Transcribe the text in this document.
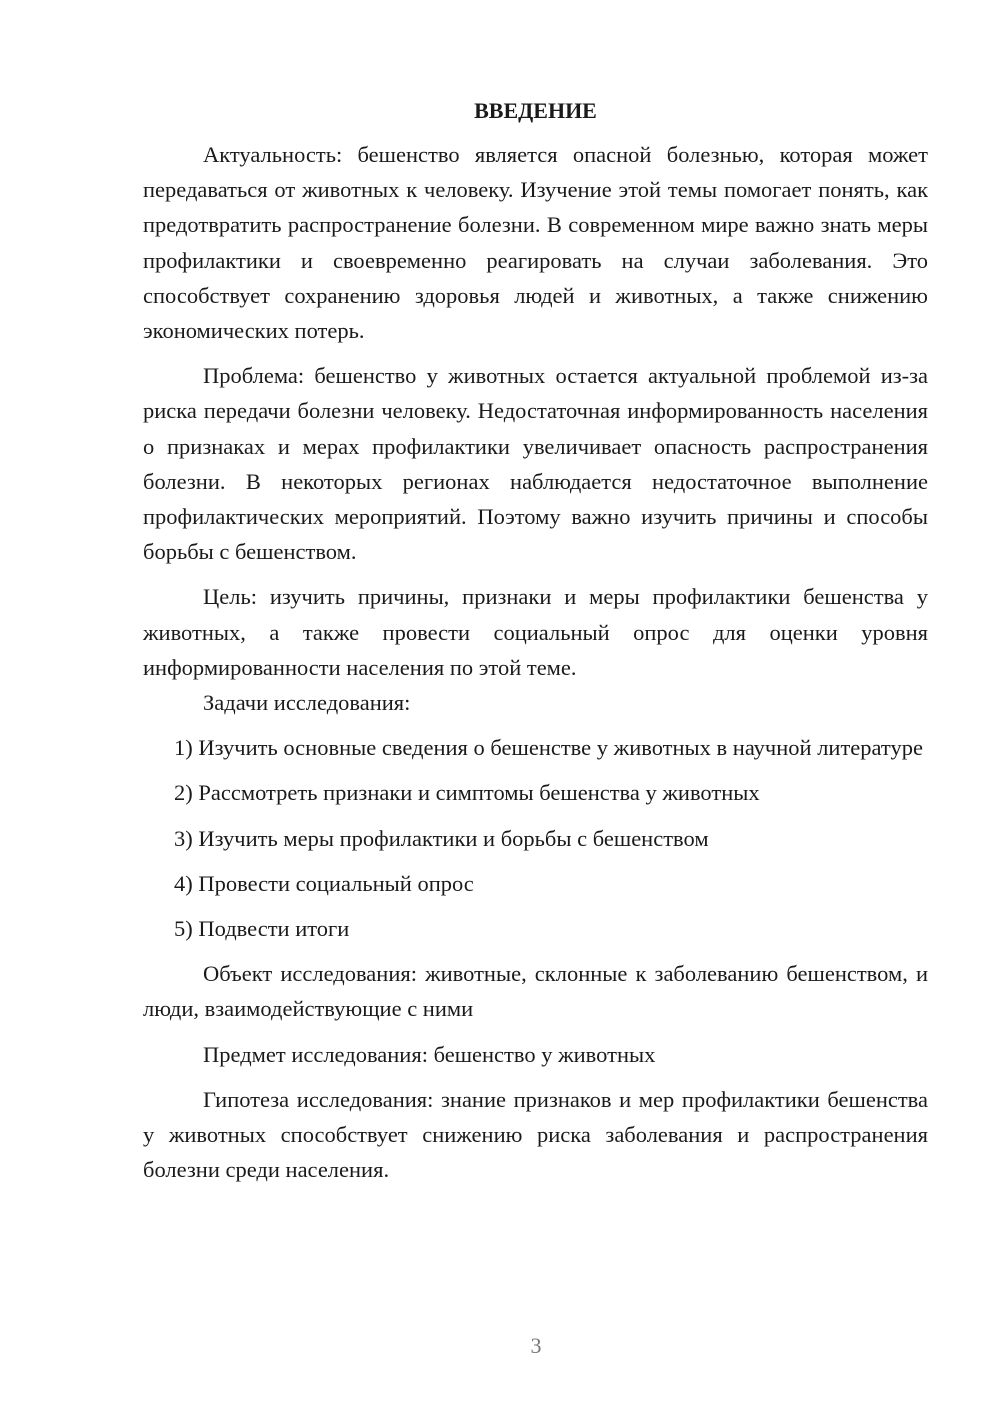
ВВЕДЕНИЕ

Актуальность: бешенство является опасной болезнью, которая может передаваться от животных к человеку. Изучение этой темы помогает понять, как предотвратить распространение болезни. В современном мире важно знать меры профилактики и своевременно реагировать на случаи заболевания. Это способствует сохранению здоровья людей и животных, а также снижению экономических потерь.

Проблема: бешенство у животных остается актуальной проблемой из-за риска передачи болезни человеку. Недостаточная информированность населения о признаках и мерах профилактики увеличивает опасность распространения болезни. В некоторых регионах наблюдается недостаточное выполнение профилактических мероприятий. Поэтому важно изучить причины и способы борьбы с бешенством.

Цель: изучить причины, признаки и меры профилактики бешенства у животных, а также провести социальный опрос для оценки уровня информированности населения по этой теме.

Задачи исследования:

1) Изучить основные сведения о бешенстве у животных в научной литературе

2) Рассмотреть признаки и симптомы бешенства у животных

3) Изучить меры профилактики и борьбы с бешенством

4) Провести социальный опрос

5) Подвести итоги

Объект исследования: животные, склонные к заболеванию бешенством, и люди, взаимодействующие с ними

Предмет исследования: бешенство у животных

Гипотеза исследования: знание признаков и мер профилактики бешенства у животных способствует снижению риска заболевания и распространения болезни среди населения.

3
